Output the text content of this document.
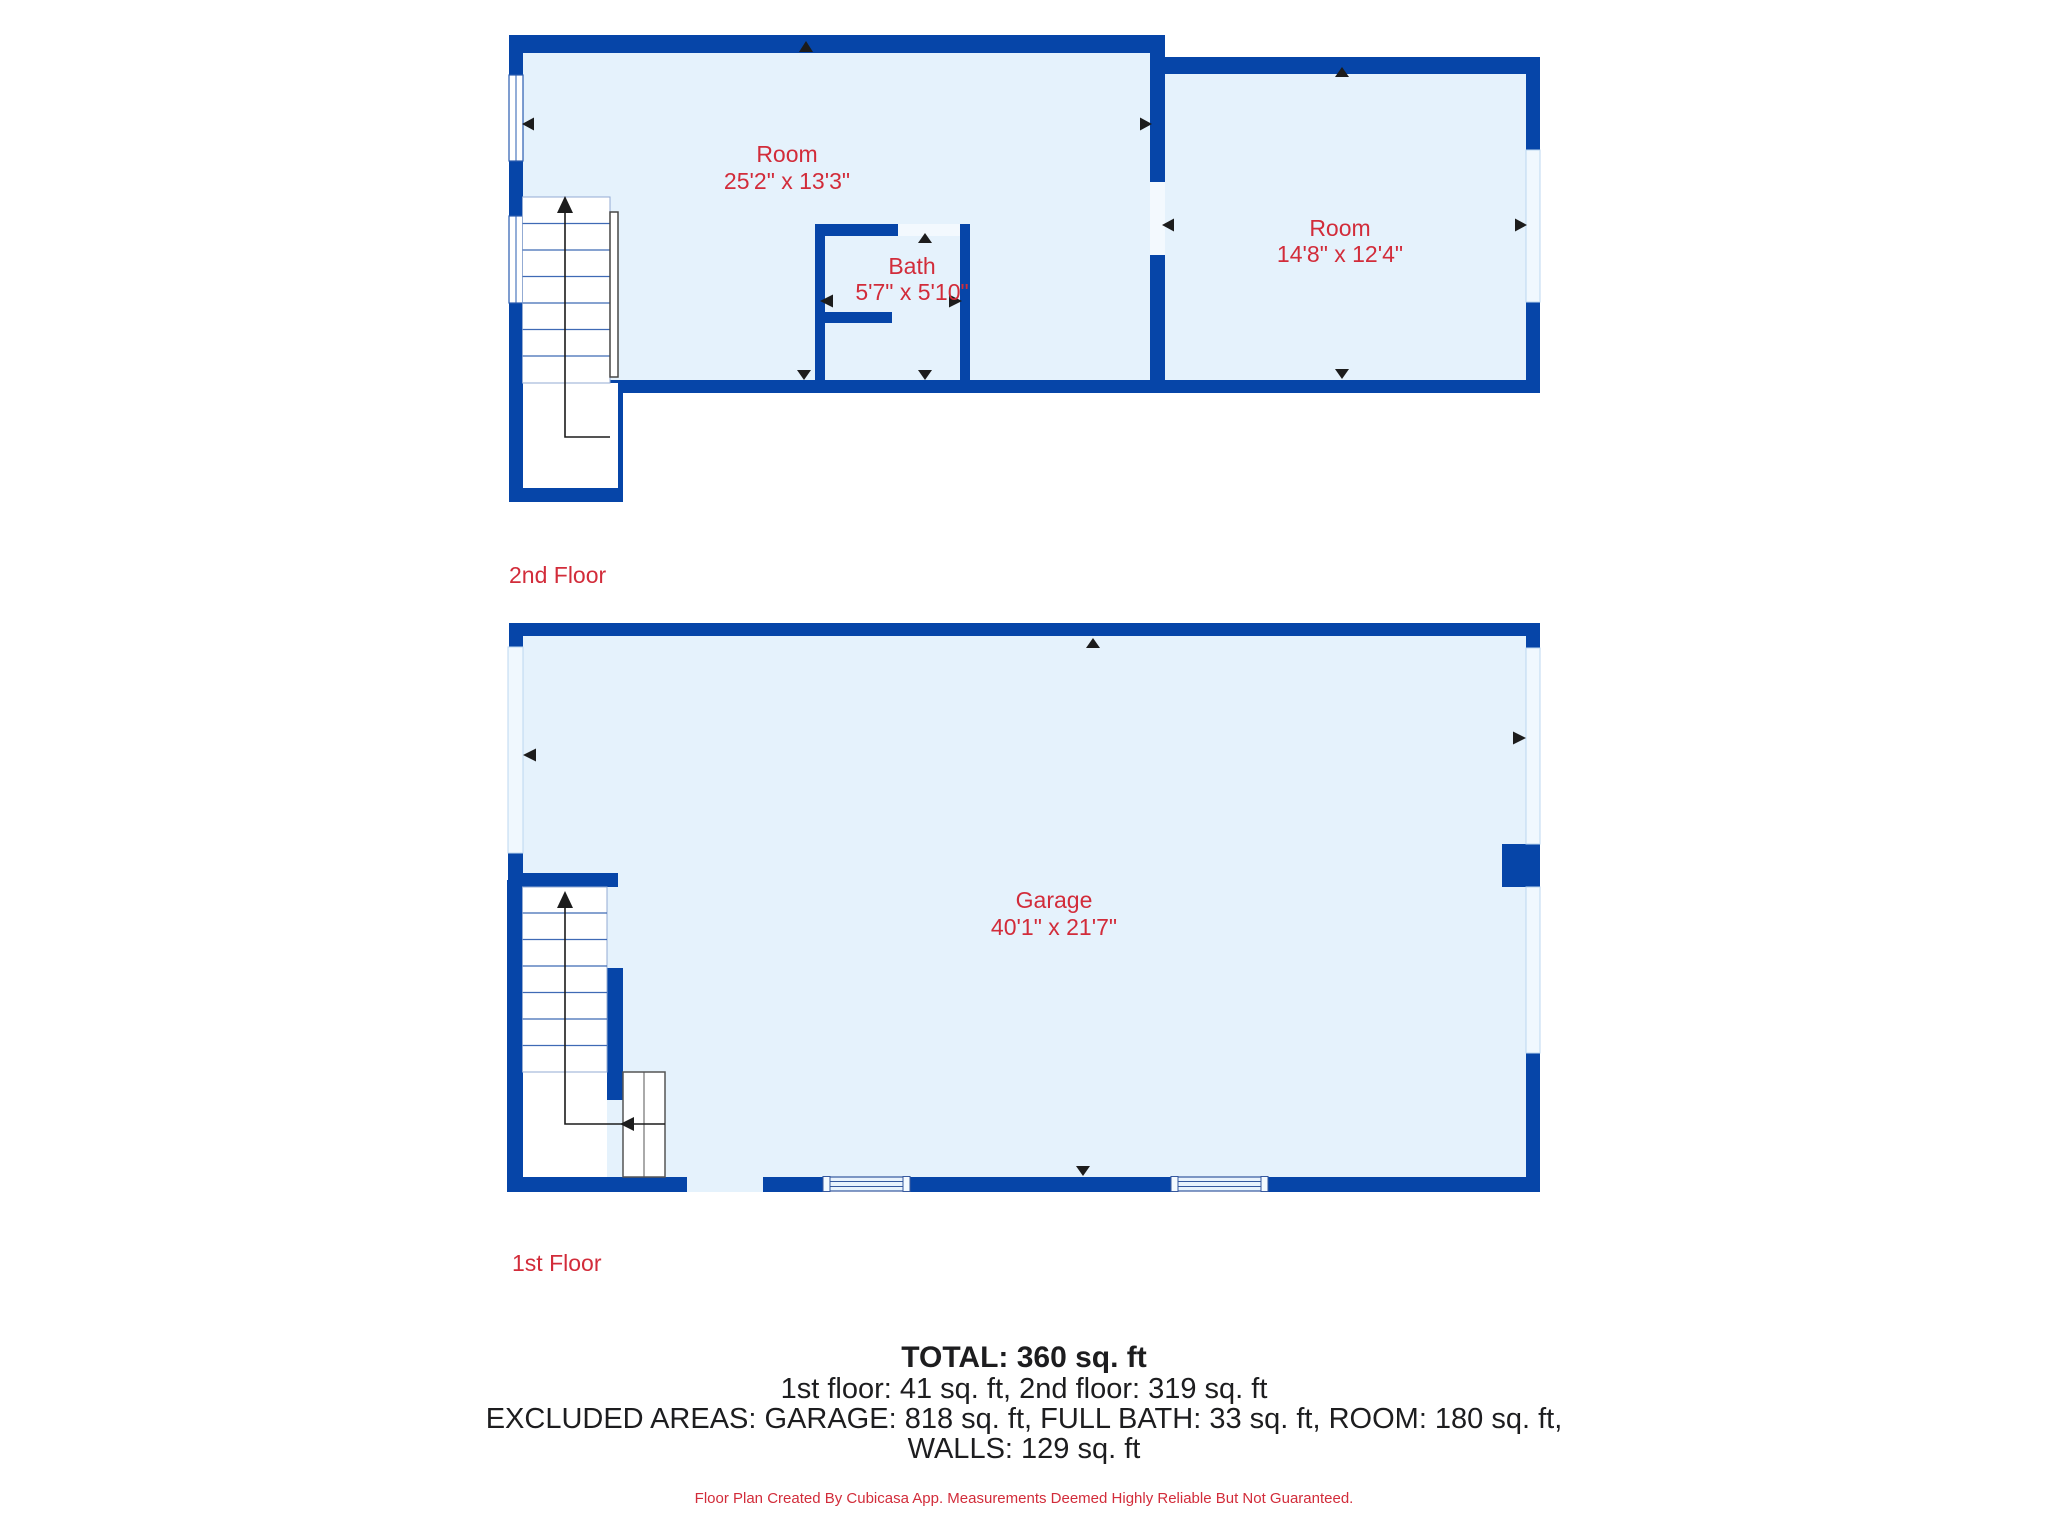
Room
25'2" x 13'3"
Bath
5'7" x 5'10"
Room
14'8" x 12'4"
2nd Floor
Garage
40'1" x 21'7"
1st Floor
TOTAL: 360 sq. ft
1st floor: 41 sq. ft, 2nd floor: 319 sq. ft
EXCLUDED AREAS: GARAGE: 818 sq. ft, FULL BATH: 33 sq. ft, ROOM: 180 sq. ft,
WALLS: 129 sq. ft
Floor Plan Created By Cubicasa App. Measurements Deemed Highly Reliable But Not Guaranteed.
